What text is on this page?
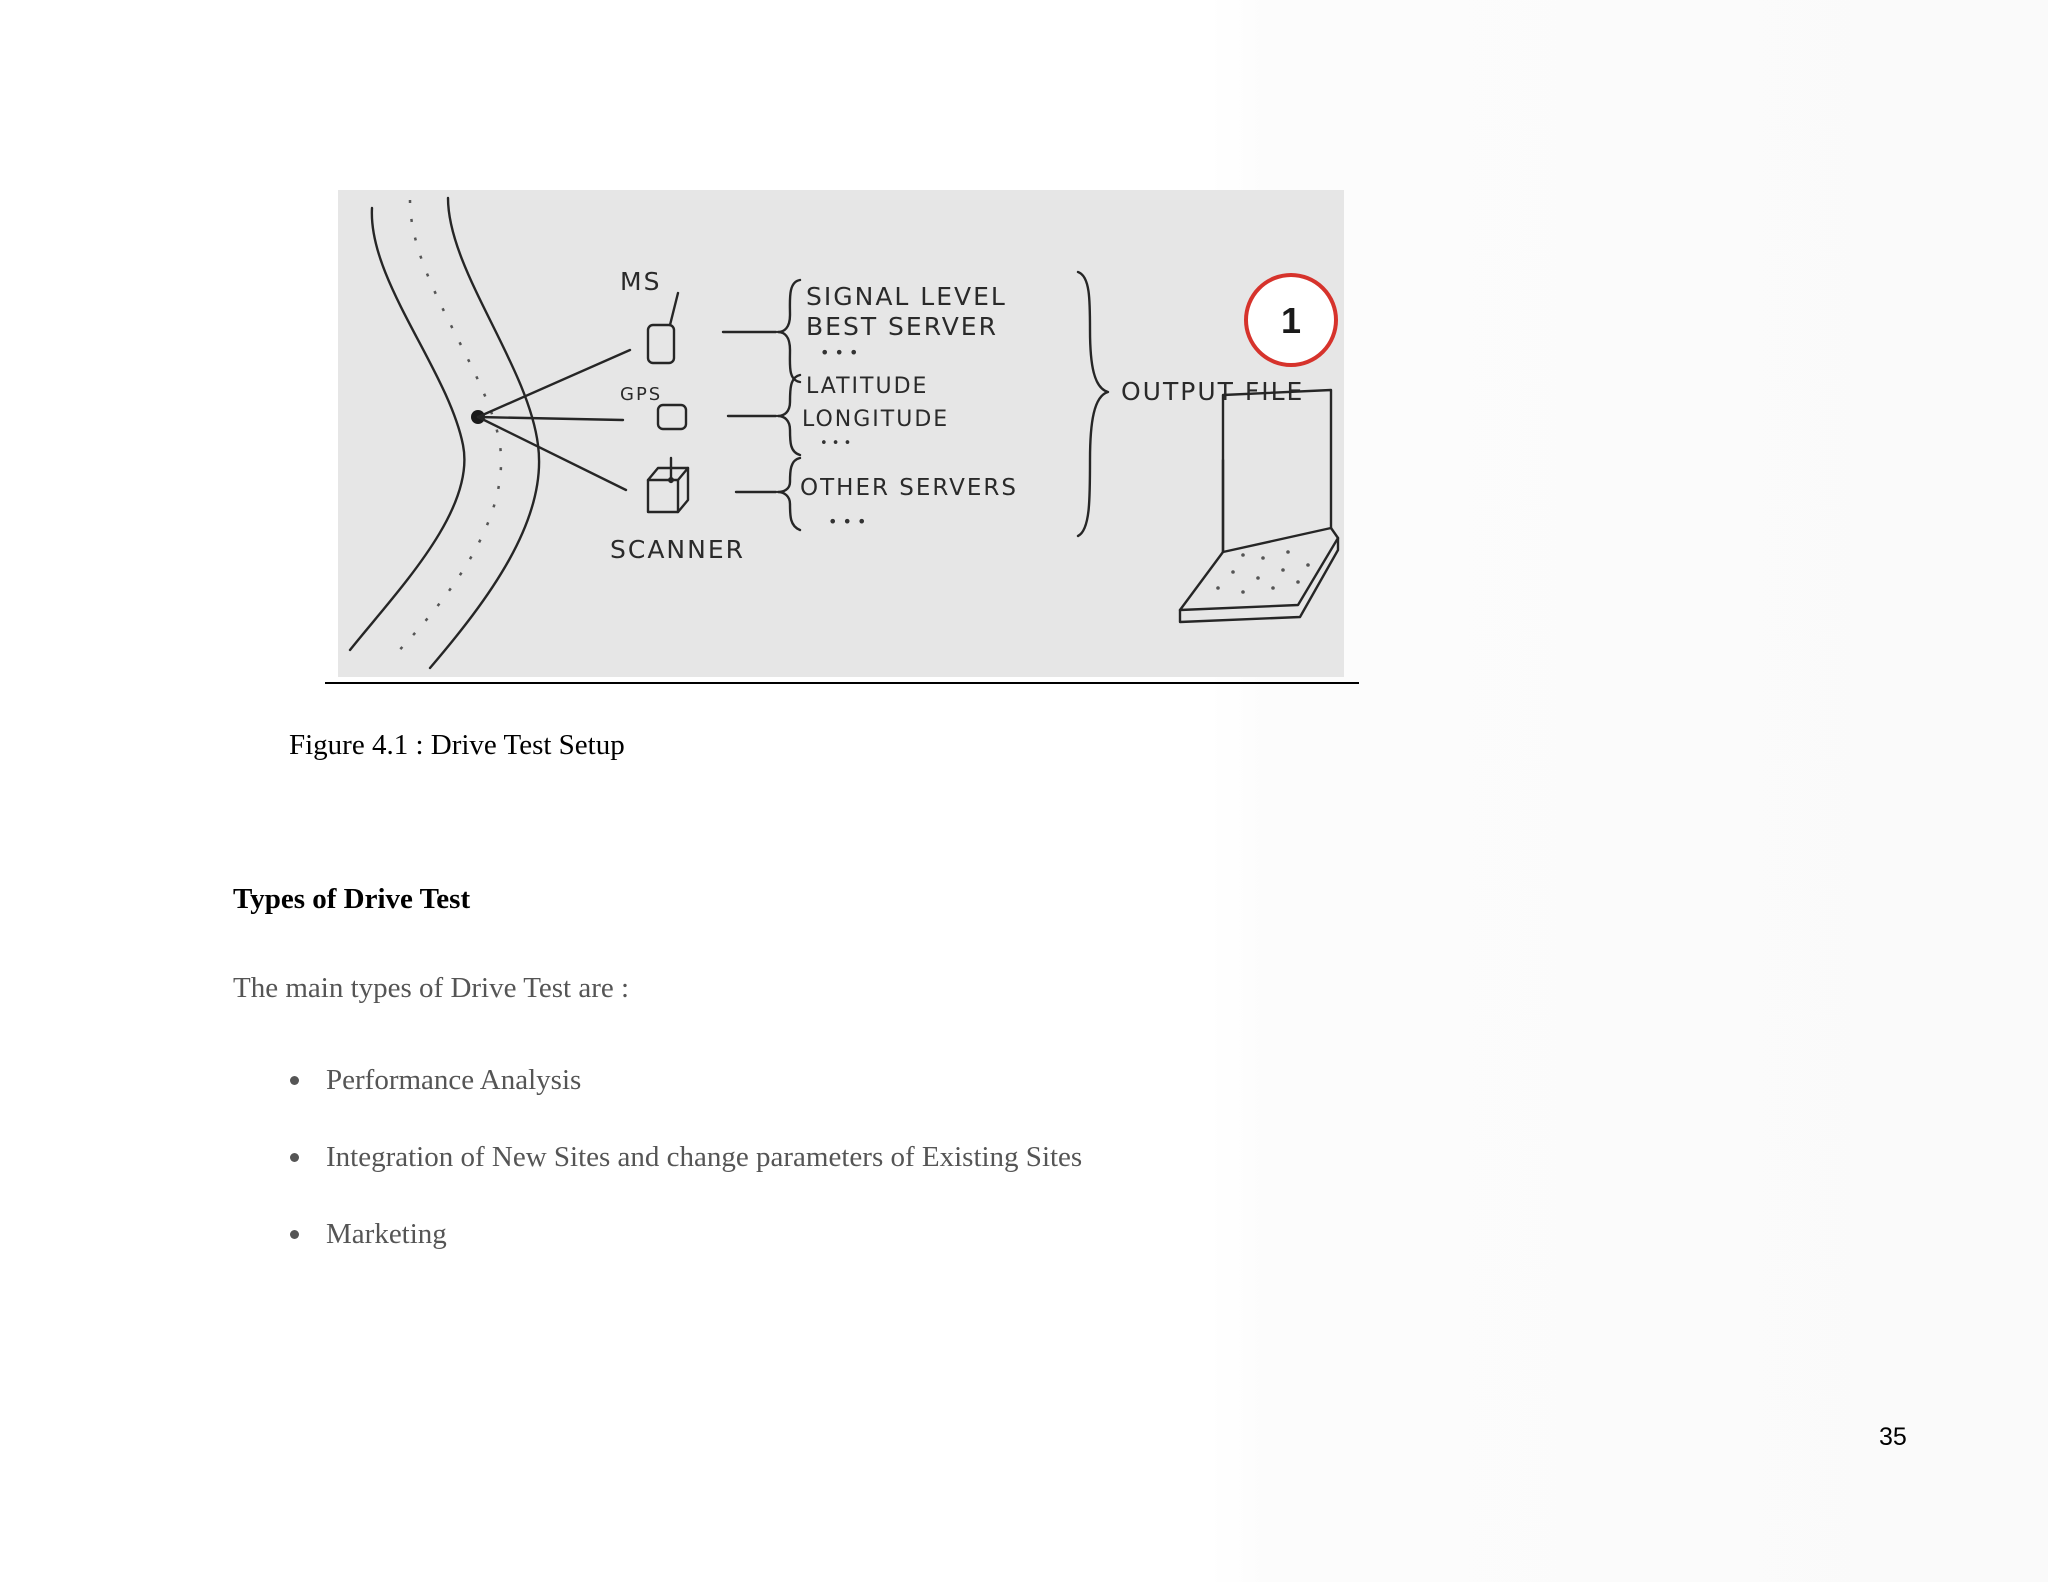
MS
GPS
SCANNER
SIGNAL LEVEL
BEST SERVER
• • •
LATITUDE
LONGITUDE
• • •
OTHER SERVERS
• • •
OUTPUT FILE
1
Figure 4.1 : Drive Test Setup
Types of Drive Test
The main types of Drive Test are :
Performance Analysis
Integration of New Sites and change parameters of Existing Sites
Marketing
35
